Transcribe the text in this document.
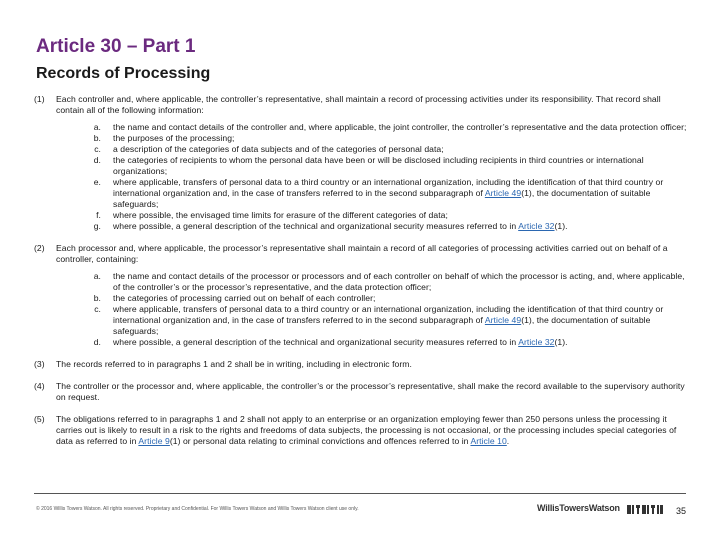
Article 30 – Part 1
Records of Processing
(1) Each controller and, where applicable, the controller’s representative, shall maintain a record of processing activities under its responsibility. That record shall contain all of the following information:
a.	the name and contact details of the controller and, where applicable, the joint controller, the controller’s representative and the data protection officer;
b.	the purposes of the processing;
c.	a description of the categories of data subjects and of the categories of personal data;
d.	the categories of recipients to whom the personal data have been or will be disclosed including recipients in third countries or international organizations;
e.	where applicable, transfers of personal data to a third country or an international organization, including the identification of that third country or international organization and, in the case of transfers referred to in the second subparagraph of Article 49(1), the documentation of suitable safeguards;
f.	where possible, the envisaged time limits for erasure of the different categories of data;
g.	where possible, a general description of the technical and organizational security measures referred to in Article 32(1).
(2) Each processor and, where applicable, the processor’s representative shall maintain a record of all categories of processing activities carried out on behalf of a controller, containing:
a.	the name and contact details of the processor or processors and of each controller on behalf of which the processor is acting, and, where applicable, of the controller’s or the processor’s representative, and the data protection officer;
b.	the categories of processing carried out on behalf of each controller;
c.	where applicable, transfers of personal data to a third country or an international organization, including the identification of that third country or international organization and, in the case of transfers referred to in the second subparagraph of Article 49(1), the documentation of suitable safeguards;
d.	where possible, a general description of the technical and organizational security measures referred to in Article 32(1).
(3) The records referred to in paragraphs 1 and 2 shall be in writing, including in electronic form.
(4) The controller or the processor and, where applicable, the controller’s or the processor’s representative, shall make the record available to the supervisory authority on request.
(5) The obligations referred to in paragraphs 1 and 2 shall not apply to an enterprise or an organization employing fewer than 250 persons unless the processing it carries out is likely to result in a risk to the rights and freedoms of data subjects, the processing is not occasional, or the processing includes special categories of data as referred to in Article 9(1) or personal data relating to criminal convictions and offences referred to in Article 10.
© 2016 Willis Towers Watson. All rights reserved. Proprietary and Confidential. For Willis Towers Watson and Willis Towers Watson client use only.	WillisTowersWatson	35
